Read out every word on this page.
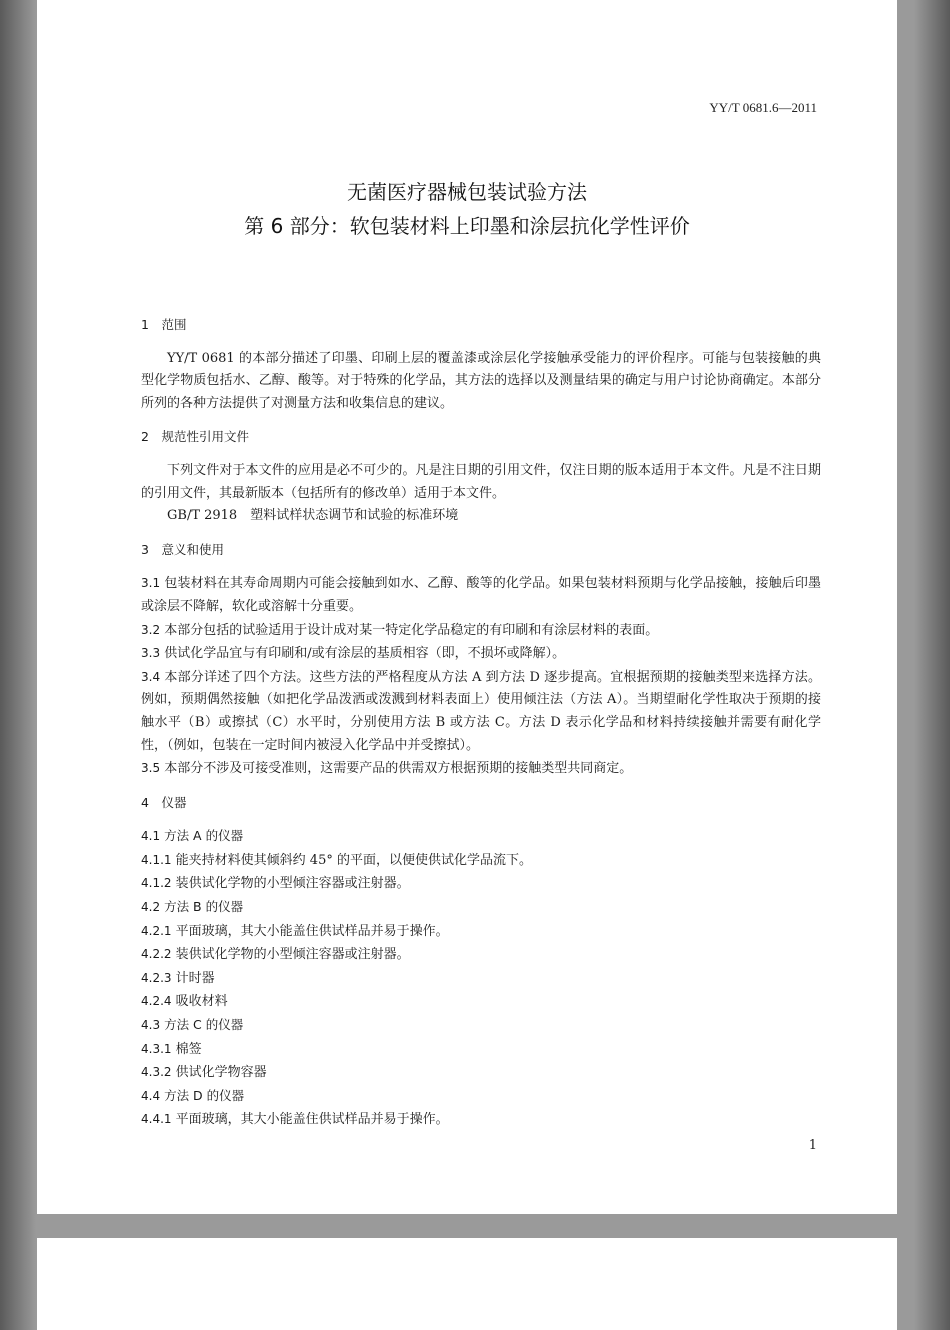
YY/T 0681.6—2011
无菌医疗器械包装试验方法
第 6 部分：软包装材料上印墨和涂层抗化学性评价

1　范围

YY/T 0681 的本部分描述了印墨、印刷上层的覆盖漆或涂层化学接触承受能力的评价程序。可能与包装接触的典型化学物质包括水、乙醇、酸等。对于特殊的化学品，其方法的选择以及测量结果的确定与用户讨论协商确定。本部分所列的各种方法提供了对测量方法和收集信息的建议。

2　规范性引用文件

下列文件对于本文件的应用是必不可少的。凡是注日期的引用文件，仅注日期的版本适用于本文件。凡是不注日期的引用文件，其最新版本（包括所有的修改单）适用于本文件。

GB/T 2918　塑料试样状态调节和试验的标准环境

3　意义和使用

3.1 包装材料在其寿命周期内可能会接触到如水、乙醇、酸等的化学品。如果包装材料预期与化学品接触，接触后印墨或涂层不降解，软化或溶解十分重要。

3.2 本部分包括的试验适用于设计成对某一特定化学品稳定的有印刷和有涂层材料的表面。

3.3 供试化学品宜与有印刷和/或有涂层的基质相容（即，不损坏或降解）。

3.4 本部分详述了四个方法。这些方法的严格程度从方法 A 到方法 D 逐步提高。宜根据预期的接触类型来选择方法。例如，预期偶然接触（如把化学品泼洒或泼溅到材料表面上）使用倾注法（方法 A）。当期望耐化学性取决于预期的接触水平（B）或擦拭（C）水平时，分别使用方法 B 或方法 C。方法 D 表示化学品和材料持续接触并需要有耐化学性，（例如，包装在一定时间内被浸入化学品中并受擦拭）。

3.5 本部分不涉及可接受准则，这需要产品的供需双方根据预期的接触类型共同商定。

4　仪器

4.1 方法 A 的仪器

4.1.1 能夹持材料使其倾斜约 45° 的平面，以便使供试化学品流下。

4.1.2 装供试化学物的小型倾注容器或注射器。

4.2 方法 B 的仪器

4.2.1 平面玻璃，其大小能盖住供试样品并易于操作。

4.2.2 装供试化学物的小型倾注容器或注射器。

4.2.3 计时器

4.2.4 吸收材料

4.3 方法 C 的仪器

4.3.1 棉签

4.3.2 供试化学物容器

4.4 方法 D 的仪器

4.4.1 平面玻璃，其大小能盖住供试样品并易于操作。

1
